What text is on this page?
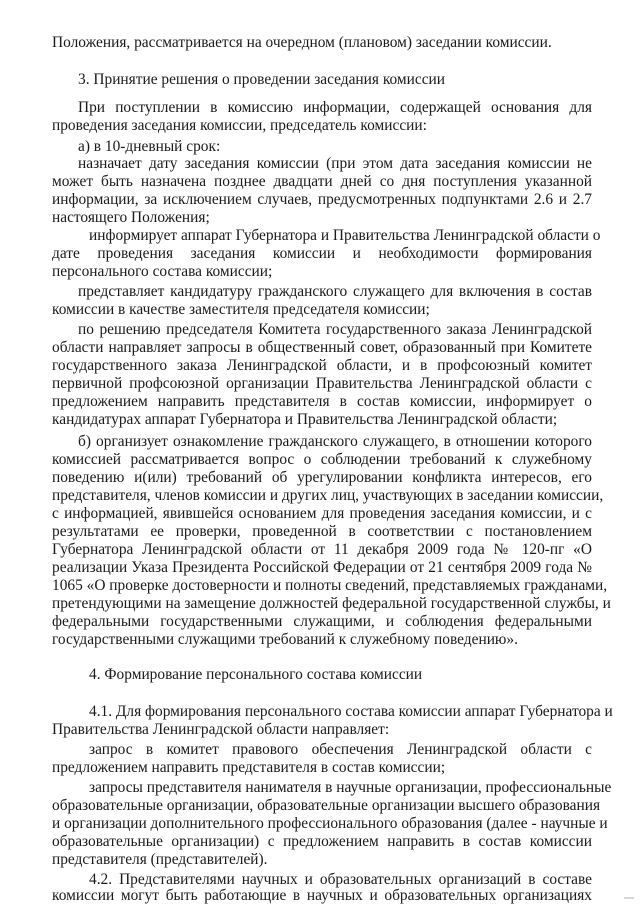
Положения, рассматривается на очередном (плановом) заседании комиссии.
3. Принятие решения о проведении заседания комиссии
При поступлении в комиссию информации, содержащей основания для
проведения заседания комиссии, председатель комиссии:
а) в 10-дневный срок:
назначает дату заседания комиссии (при этом дата заседания комиссии не
может быть назначена позднее двадцати дней со дня поступления указанной
информации, за исключением случаев, предусмотренных подпунктами 2.6 и 2.7
настоящего Положения;
информирует аппарат Губернатора и Правительства Ленинградской области о
дате проведения заседания комиссии и необходимости формирования
персонального состава комиссии;
представляет кандидатуру гражданского служащего для включения в состав
комиссии в качестве заместителя председателя комиссии;
по решению председателя Комитета государственного заказа Ленинградской
области направляет запросы в общественный совет, образованный при Комитете
государственного заказа Ленинградской области, и в профсоюзный комитет
первичной профсоюзной организации Правительства Ленинградской области с
предложением направить представителя в состав комиссии, информирует о
кандидатурах аппарат Губернатора и Правительства Ленинградской области;
б) организует ознакомление гражданского служащего, в отношении которого
комиссией рассматривается вопрос о соблюдении требований к служебному
поведению и(или) требований об урегулировании конфликта интересов, его
представителя, членов комиссии и других лиц, участвующих в заседании комиссии,
с информацией, явившейся основанием для проведения заседания комиссии, и с
результатами ее проверки, проведенной в соответствии с постановлением
Губернатора Ленинградской области от 11 декабря 2009 года № 120-пг «О
реализации Указа Президента Российской Федерации от 21 сентября 2009 года №
1065 «О проверке достоверности и полноты сведений, представляемых гражданами,
претендующими на замещение должностей федеральной государственной службы, и
федеральными государственными служащими, и соблюдения федеральными
государственными служащими требований к служебному поведению».
4. Формирование персонального состава комиссии
4.1. Для формирования персонального состава комиссии аппарат Губернатора и
Правительства Ленинградской области направляет:
запрос в комитет правового обеспечения Ленинградской области с
предложением направить представителя в состав комиссии;
запросы представителя нанимателя в научные организации, профессиональные
образовательные организации, образовательные организации высшего образования
и организации дополнительного профессионального образования (далее - научные и
образовательные организации) с предложением направить в состав комиссии
представителя (представителей).
4.2. Представителями научных и образовательных организаций в составе
комиссии могут быть работающие в научных и образовательных организациях
